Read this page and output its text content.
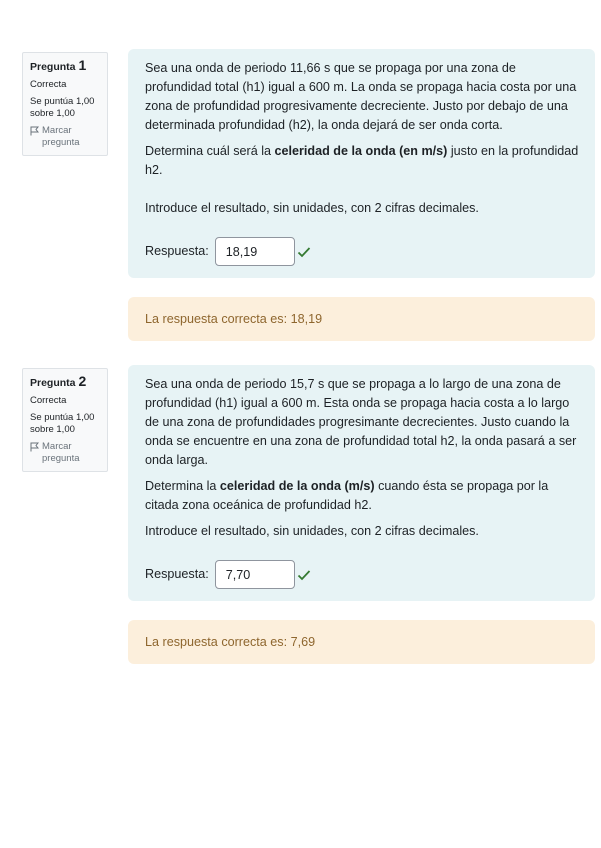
Pregunta 1
Correcta
Se puntúa 1,00 sobre 1,00
Marcar pregunta

Sea una onda de periodo 11,66 s que se propaga por una zona de profundidad total (h1) igual a 600 m. La onda se propaga hacia costa por una zona de profundidad progresivamente decreciente. Justo por debajo de una determinada profundidad (h2), la onda dejará de ser onda corta.

Determina cuál será la celeridad de la onda (en m/s) justo en la profundidad h2.

Introduce el resultado, sin unidades, con 2 cifras decimales.

Respuesta:
18,19
La respuesta correcta es: 18,19
Pregunta 2
Correcta
Se puntúa 1,00 sobre 1,00
Marcar pregunta

Sea una onda de periodo 15,7 s que se propaga a lo largo de una zona de profundidad (h1) igual a 600 m. Esta onda se propaga hacia costa a lo largo de una zona de profundidades progresimante decrecientes. Justo cuando la onda se encuentre en una zona de profundidad total h2, la onda pasará a ser onda larga.

Determina la celeridad de la onda (m/s) cuando ésta se propaga por la citada zona oceánica de profundidad h2.

Introduce el resultado, sin unidades, con 2 cifras decimales.

Respuesta:
7,70
La respuesta correcta es: 7,69
